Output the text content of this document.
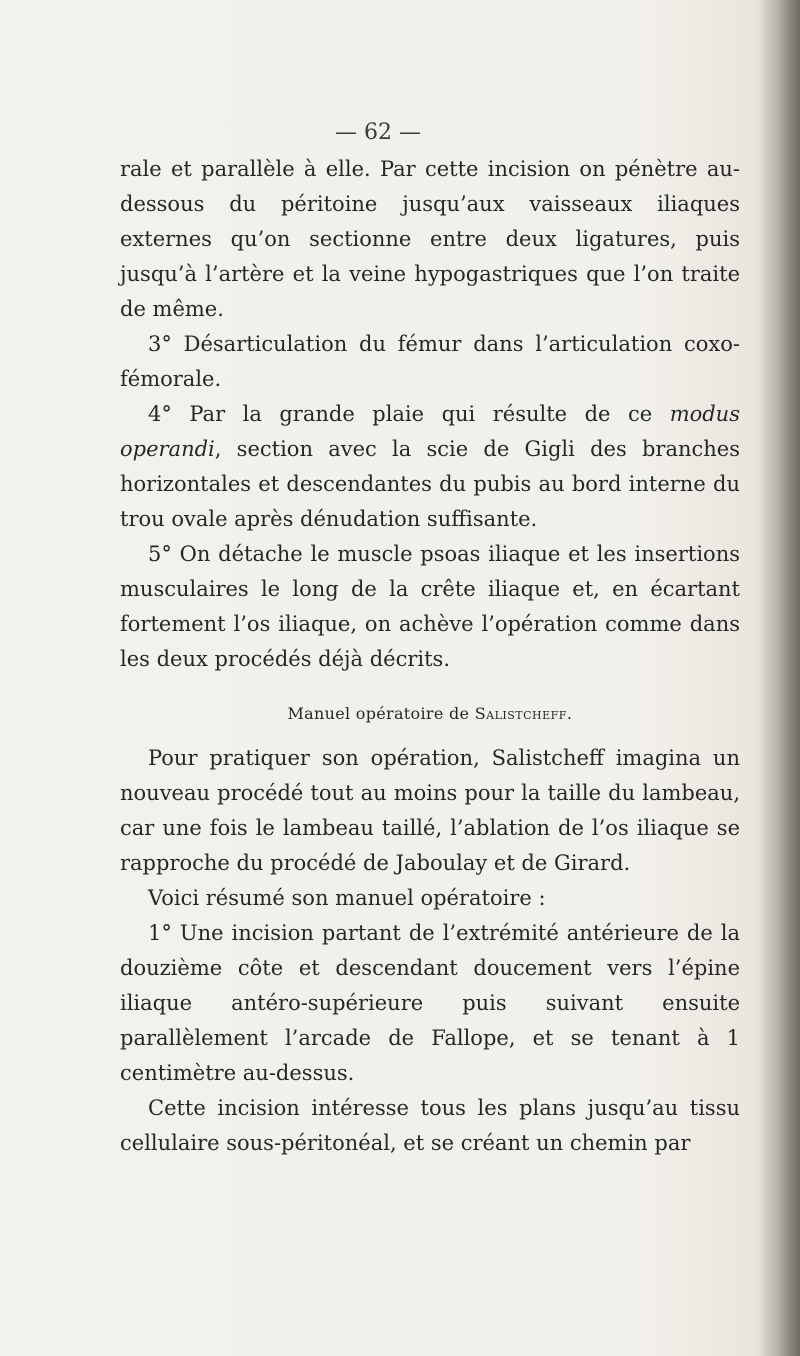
— 62 —

rale et parallèle à elle. Par cette incision on pénètre au-dessous du péritoine jusqu’aux vaisseaux iliaques externes qu’on sectionne entre deux ligatures, puis jusqu’à l’artère et la veine hypogastriques que l’on traite de même.

3° Désarticulation du fémur dans l’articulation coxo-fémorale.

4° Par la grande plaie qui résulte de ce modus operandi, section avec la scie de Gigli des branches horizontales et descendantes du pubis au bord interne du trou ovale après dénudation suffisante.

5° On détache le muscle psoas iliaque et les insertions musculaires le long de la crête iliaque et, en écartant fortement l’os iliaque, on achève l’opération comme dans les deux procédés déjà décrits.

Manuel opératoire de Salistcheff.

Pour pratiquer son opération, Salistcheff imagina un nouveau procédé tout au moins pour la taille du lambeau, car une fois le lambeau taillé, l’ablation de l’os iliaque se rapproche du procédé de Jaboulay et de Girard.

Voici résumé son manuel opératoire :

1° Une incision partant de l’extrémité antérieure de la douzième côte et descendant doucement vers l’épine iliaque antéro-supérieure puis suivant ensuite parallèlement l’arcade de Fallope, et se tenant à 1 centimètre au-dessus.

Cette incision intéresse tous les plans jusqu’au tissu cellulaire sous-péritonéal, et se créant un chemin par
